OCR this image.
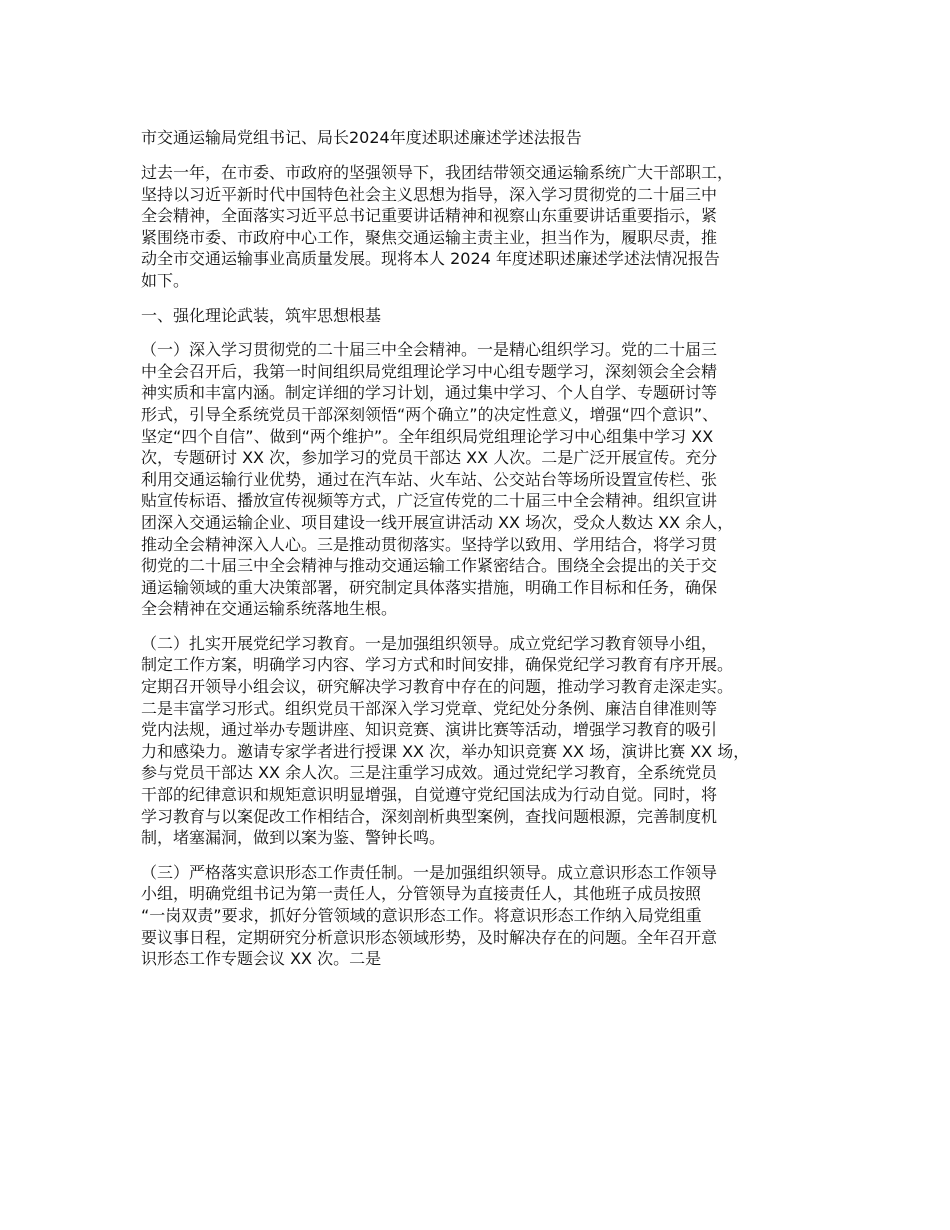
市交通运输局党组书记、局长2024年度述职述廉述学述法报告
过去一年，在市委、市政府的坚强领导下，我团结带领交通运输系统广大干部职工，
坚持以习近平新时代中国特色社会主义思想为指导，深入学习贯彻党的二十届三中
全会精神，全面落实习近平总书记重要讲话精神和视察山东重要讲话重要指示，紧
紧围绕市委、市政府中心工作，聚焦交通运输主责主业，担当作为，履职尽责，推
动全市交通运输事业高质量发展。现将本人 2024 年度述职述廉述学述法情况报告
如下。
一、强化理论武装，筑牢思想根基
（一）深入学习贯彻党的二十届三中全会精神。一是精心组织学习。党的二十届三
中全会召开后，我第一时间组织局党组理论学习中心组专题学习，深刻领会全会精
神实质和丰富内涵。制定详细的学习计划，通过集中学习、个人自学、专题研讨等
形式，引导全系统党员干部深刻领悟“两个确立”的决定性意义，增强“四个意识”、
坚定“四个自信”、做到“两个维护”。全年组织局党组理论学习中心组集中学习 XX
次，专题研讨 XX 次，参加学习的党员干部达 XX 人次。二是广泛开展宣传。充分
利用交通运输行业优势，通过在汽车站、火车站、公交站台等场所设置宣传栏、张
贴宣传标语、播放宣传视频等方式，广泛宣传党的二十届三中全会精神。组织宣讲
团深入交通运输企业、项目建设一线开展宣讲活动 XX 场次，受众人数达 XX 余人，
推动全会精神深入人心。三是推动贯彻落实。坚持学以致用、学用结合，将学习贯
彻党的二十届三中全会精神与推动交通运输工作紧密结合。围绕全会提出的关于交
通运输领域的重大决策部署，研究制定具体落实措施，明确工作目标和任务，确保
全会精神在交通运输系统落地生根。
（二）扎实开展党纪学习教育。一是加强组织领导。成立党纪学习教育领导小组，
制定工作方案，明确学习内容、学习方式和时间安排，确保党纪学习教育有序开展。
定期召开领导小组会议，研究解决学习教育中存在的问题，推动学习教育走深走实。
二是丰富学习形式。组织党员干部深入学习党章、党纪处分条例、廉洁自律准则等
党内法规，通过举办专题讲座、知识竞赛、演讲比赛等活动，增强学习教育的吸引
力和感染力。邀请专家学者进行授课 XX 次，举办知识竞赛 XX 场，演讲比赛 XX 场，
参与党员干部达 XX 余人次。三是注重学习成效。通过党纪学习教育，全系统党员
干部的纪律意识和规矩意识明显增强，自觉遵守党纪国法成为行动自觉。同时，将
学习教育与以案促改工作相结合，深刻剖析典型案例，查找问题根源，完善制度机
制，堵塞漏洞，做到以案为鉴、警钟长鸣。
（三）严格落实意识形态工作责任制。一是加强组织领导。成立意识形态工作领导
小组，明确党组书记为第一责任人，分管领导为直接责任人，其他班子成员按照
“一岗双责”要求，抓好分管领域的意识形态工作。将意识形态工作纳入局党组重
要议事日程，定期研究分析意识形态领域形势，及时解决存在的问题。全年召开意
识形态工作专题会议 XX 次。二是
